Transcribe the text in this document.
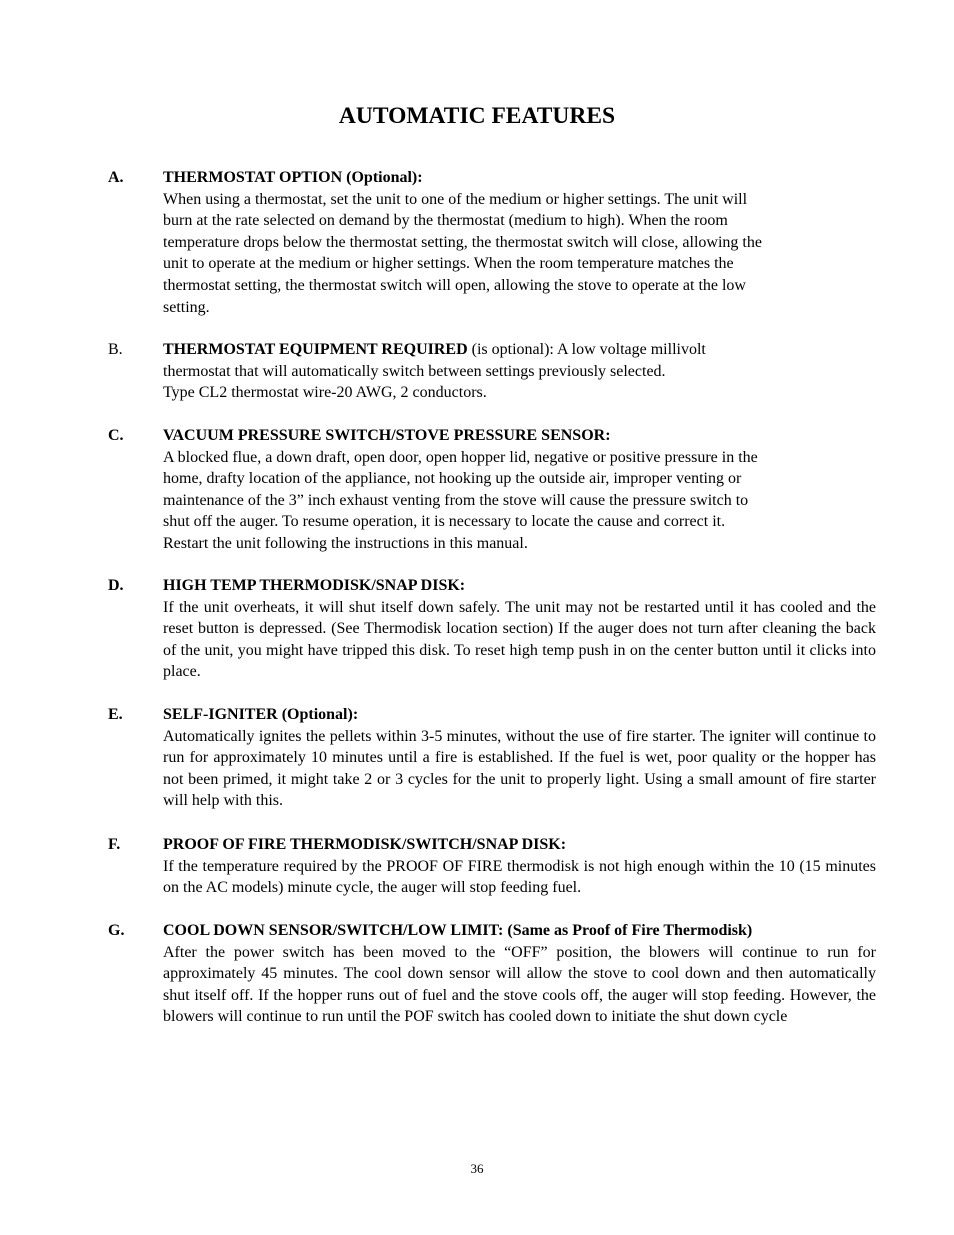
AUTOMATIC FEATURES
A. THERMOSTAT OPTION (Optional):

When using a thermostat, set the unit to one of the medium or higher settings. The unit will

burn at the rate selected on demand by the thermostat (medium to high). When the room

temperature drops below the thermostat setting, the thermostat switch will close, allowing the

unit to operate at the medium or higher settings. When the room temperature matches the

thermostat setting, the thermostat switch will open, allowing the stove to operate at the low

setting.

B.	THERMOSTAT EQUIPMENT REQUIRED (is optional): A low voltage millivolt

thermostat that will automatically switch between settings previously selected.

Type CL2 thermostat wire-20 AWG, 2 conductors.

C. VACUUM PRESSURE SWITCH/STOVE PRESSURE SENSOR:

A blocked flue, a down draft, open door, open hopper lid, negative or positive pressure in the

home, drafty location of the appliance, not hooking up the outside air, improper venting or

maintenance of the 3” inch exhaust venting from the stove will cause the pressure switch to

shut off the auger. To resume operation, it is necessary to locate the cause and correct it.

Restart the unit following the instructions in this manual.

D. HIGH TEMP THERMODISK/SNAP DISK:

If the unit overheats, it will shut itself down safely. The unit may not be restarted until it has cooled and the reset button is depressed. (See Thermodisk location section) If the auger does not turn after cleaning the back of the unit, you might have tripped this disk. To reset high temp push in on the center button until it clicks into place.

E.	SELF-IGNITER (Optional):

Automatically ignites the pellets within 3-5 minutes, without the use of fire starter. The igniter will continue to run for approximately 10 minutes until a fire is established. If the fuel is wet, poor quality or the hopper has not been primed, it might take 2 or 3 cycles for the unit to properly light. Using a small amount of fire starter will help with this.

F.	PROOF OF FIRE THERMODISK/SWITCH/SNAP DISK:

If the temperature required by the PROOF OF FIRE thermodisk is not high enough within the 10 (15 minutes on the AC models) minute cycle, the auger will stop feeding fuel.

G. COOL DOWN SENSOR/SWITCH/LOW LIMIT: (Same as Proof of Fire Thermodisk)

After the power switch has been moved to the “OFF” position, the blowers will continue to run for approximately 45 minutes. The cool down sensor will allow the stove to cool down and then automatically shut itself off. If the hopper runs out of fuel and the stove cools off, the auger will stop feeding. However, the blowers will continue to run until the POF switch has cooled down to initiate the shut down cycle

36
